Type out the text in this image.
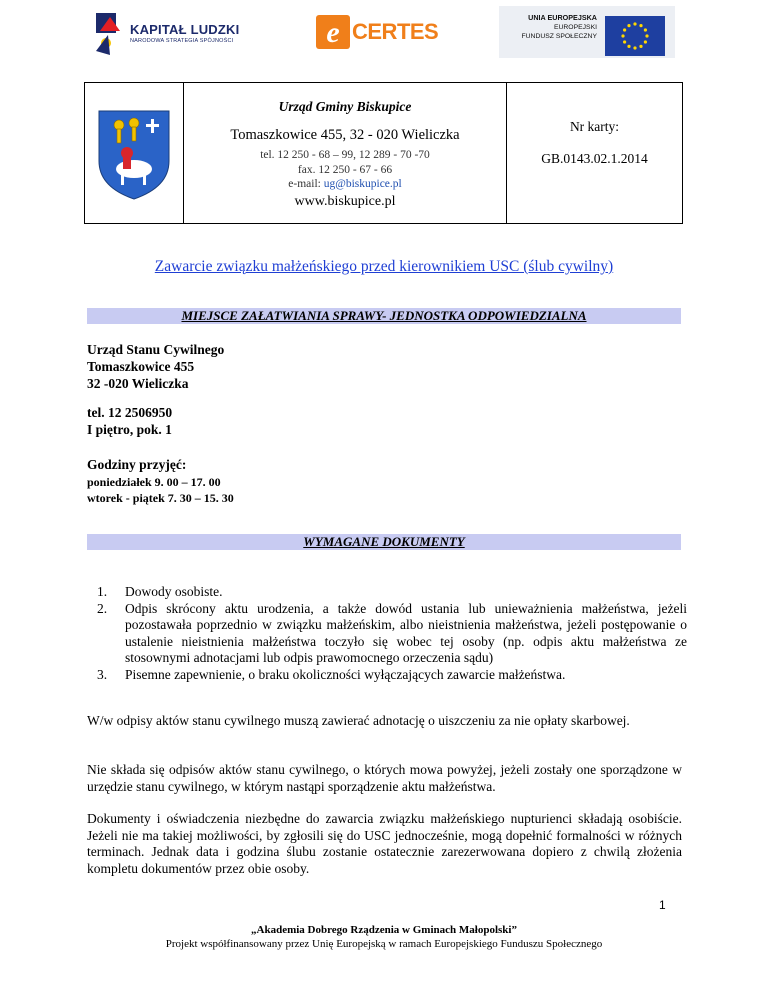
KAPITAŁ LUDZKI
NARODOWA STRATEGIA SPÓJNOŚCI	e CERTES
UNIA EUROPEJSKA
EUROPEJSKI
FUNDUSZ SPOŁECZNY
Urząd Gminy Biskupice
Tomaszkowice 455, 32 - 020 Wieliczka
tel. 12 250 - 68 – 99, 12 289 - 70 -70
fax. 12 250 - 67 - 66
e-mail: ug@biskupice.pl
www.biskupice.pl
Nr karty:
GB.0143.02.1.2014
Zawarcie związku małżeńskiego przed kierownikiem USC (ślub cywilny)
MIEJSCE ZAŁATWIANIA SPRAWY- JEDNOSTKA ODPOWIEDZIALNA
Urząd Stanu Cywilnego
Tomaszkowice 455
32 -020 Wieliczka
tel. 12 2506950
I piętro, pok. 1
Godziny przyjęć:
poniedziałek 9. 00 – 17. 00
wtorek - piątek 7. 30 – 15. 30
WYMAGANE DOKUMENTY
1. Dowody osobiste.
2. Odpis skrócony aktu urodzenia, a także dowód ustania lub unieważnienia małżeństwa, jeżeli pozostawała poprzednio w związku małżeńskim, albo nieistnienia małżeństwa, jeżeli postępowanie o ustalenie nieistnienia małżeństwa toczyło się wobec tej osoby (np. odpis aktu małżeństwa ze stosownymi adnotacjami lub odpis prawomocnego orzeczenia sądu)
3. Pisemne zapewnienie, o braku okoliczności wyłączających zawarcie małżeństwa.
W/w odpisy aktów stanu cywilnego muszą zawierać adnotację o uiszczeniu za nie opłaty skarbowej.
Nie składa się odpisów aktów stanu cywilnego, o których mowa powyżej, jeżeli zostały one sporządzone w urzędzie stanu cywilnego, w którym nastąpi sporządzenie aktu małżeństwa.
Dokumenty i oświadczenia niezbędne do zawarcia związku małżeńskiego nupturienci składają osobiście. Jeżeli nie ma takiej możliwości, by zgłosili się do USC jednocześnie, mogą dopełnić formalności w różnych terminach. Jednak data i godzina ślubu zostanie ostatecznie zarezerwowana dopiero z chwilą złożenia kompletu dokumentów przez obie osoby.
1
„Akademia Dobrego Rządzenia w Gminach Małopolski”
Projekt współfinansowany przez Unię Europejską w ramach Europejskiego Funduszu Społecznego
